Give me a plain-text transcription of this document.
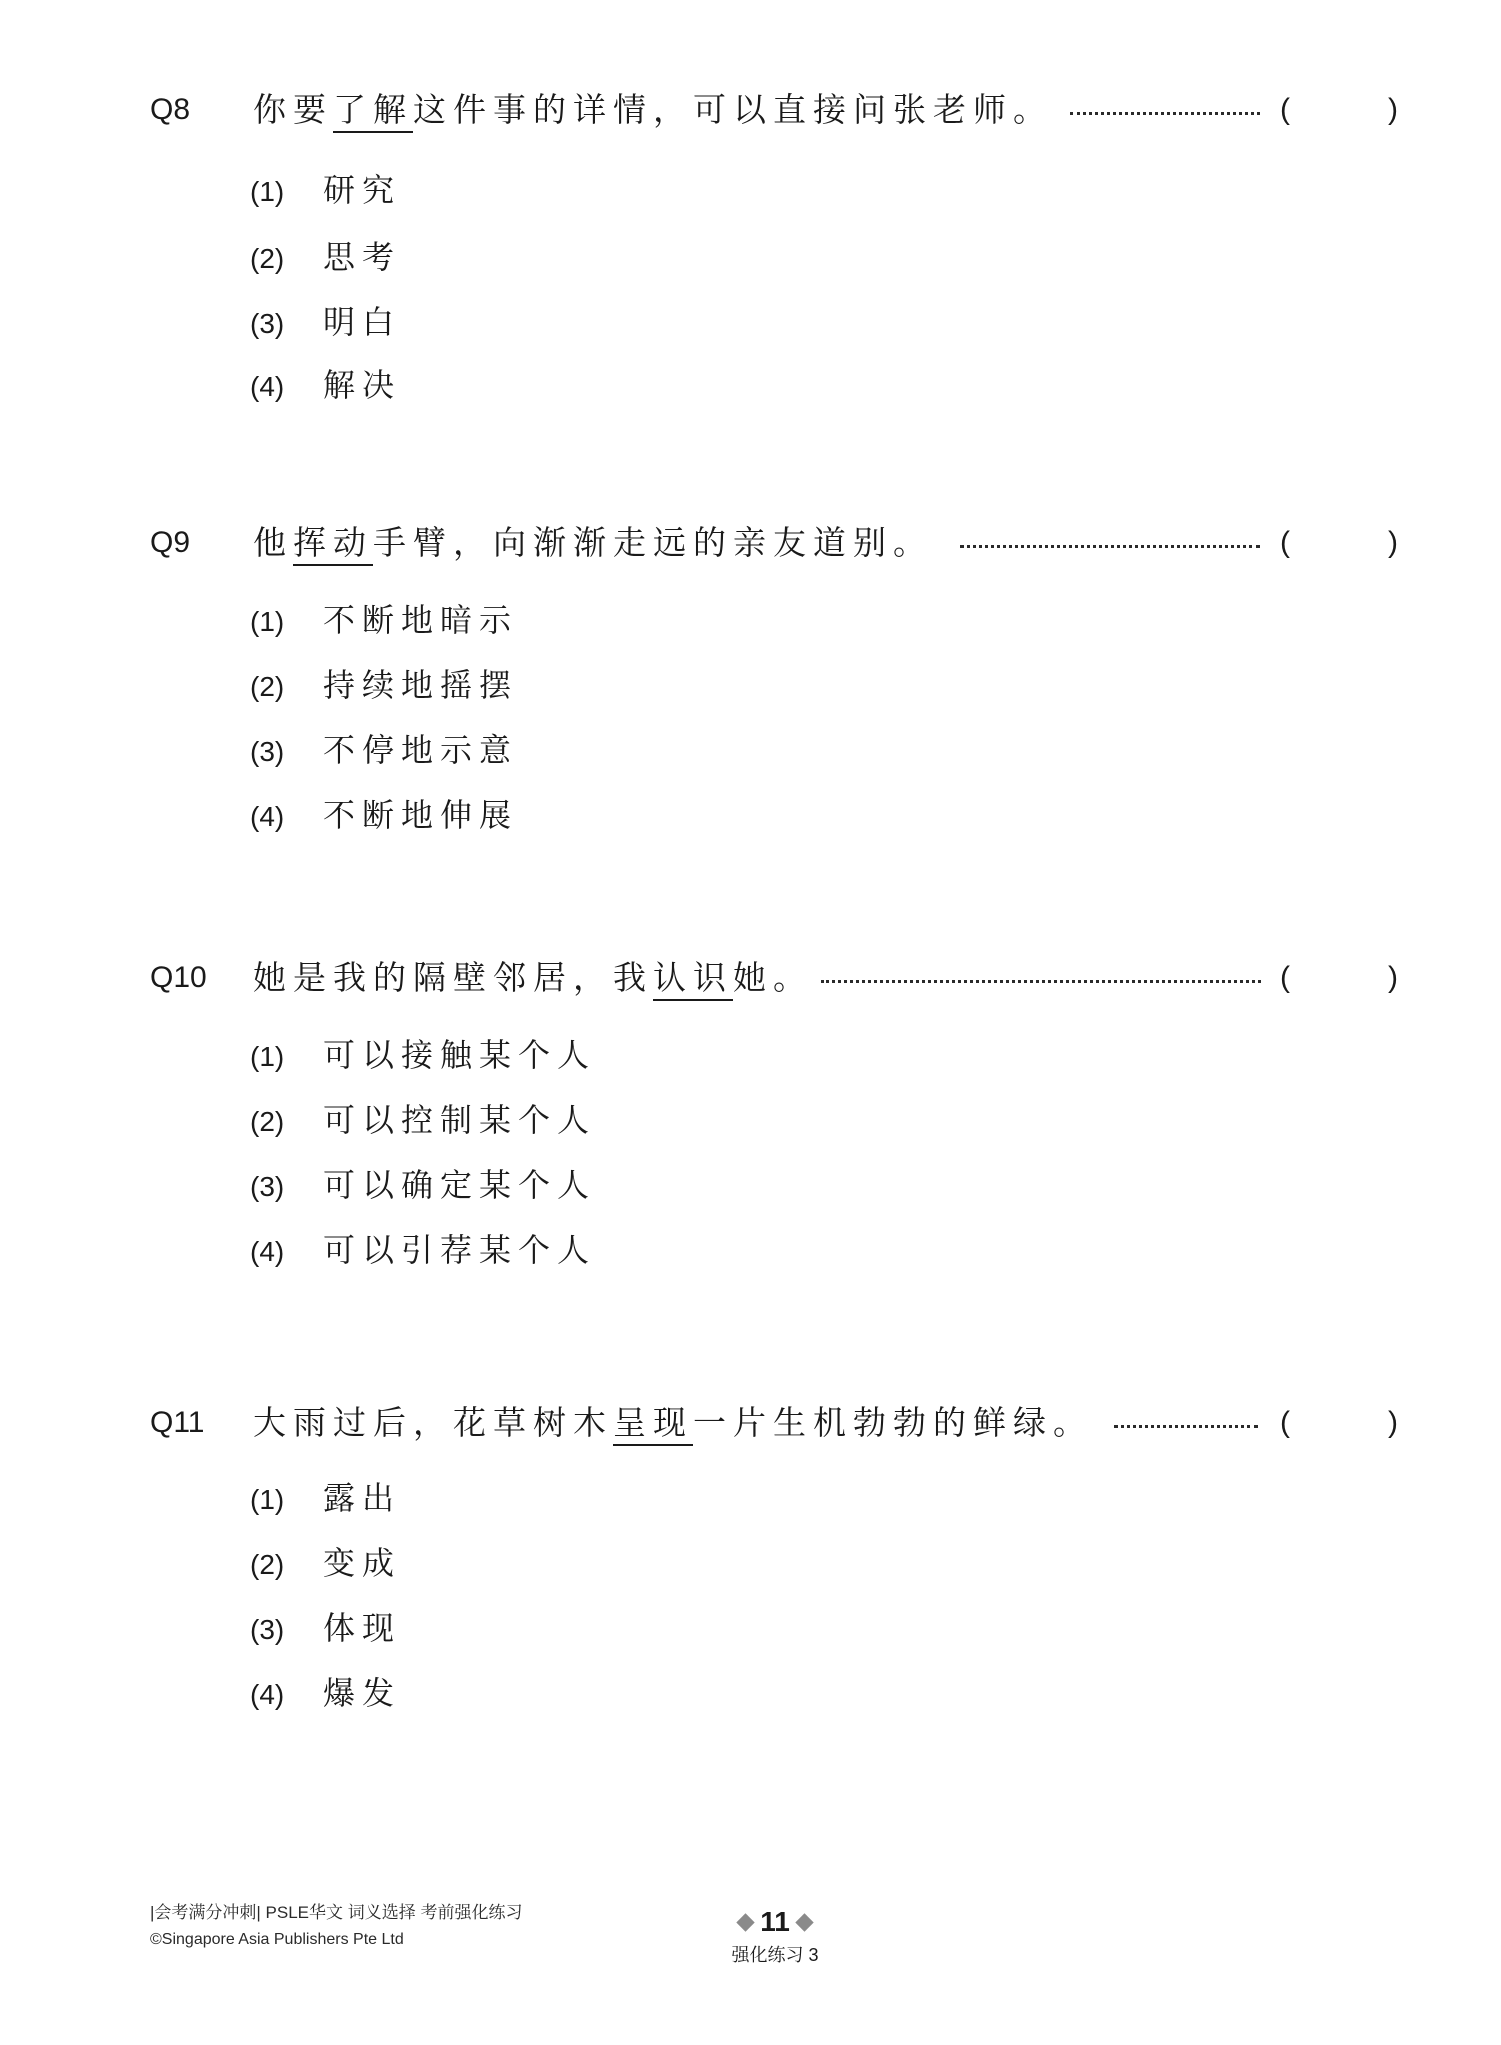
Q8 你要了解这件事的详情，可以直接问张老师。	(	)
(1) 研究
(2) 思考
(3) 明白
(4) 解决
Q9 他挥动手臂，向渐渐走远的亲友道别。	(	)
(1) 不断地暗示
(2) 持续地摇摆
(3) 不停地示意
(4) 不断地伸展
Q10 她是我的隔壁邻居，我认识她。	(	)
(1) 可以接触某个人
(2) 可以控制某个人
(3) 可以确定某个人
(4) 可以引荐某个人
Q11 大雨过后，花草树木呈现一片生机勃勃的鲜绿。	(	)
(1) 露出
(2) 变成
(3) 体现
(4) 爆发
|会考满分冲刺| PSLE华文 词义选择 考前强化练习
©Singapore Asia Publishers Pte Ltd
11
强化练习 3
